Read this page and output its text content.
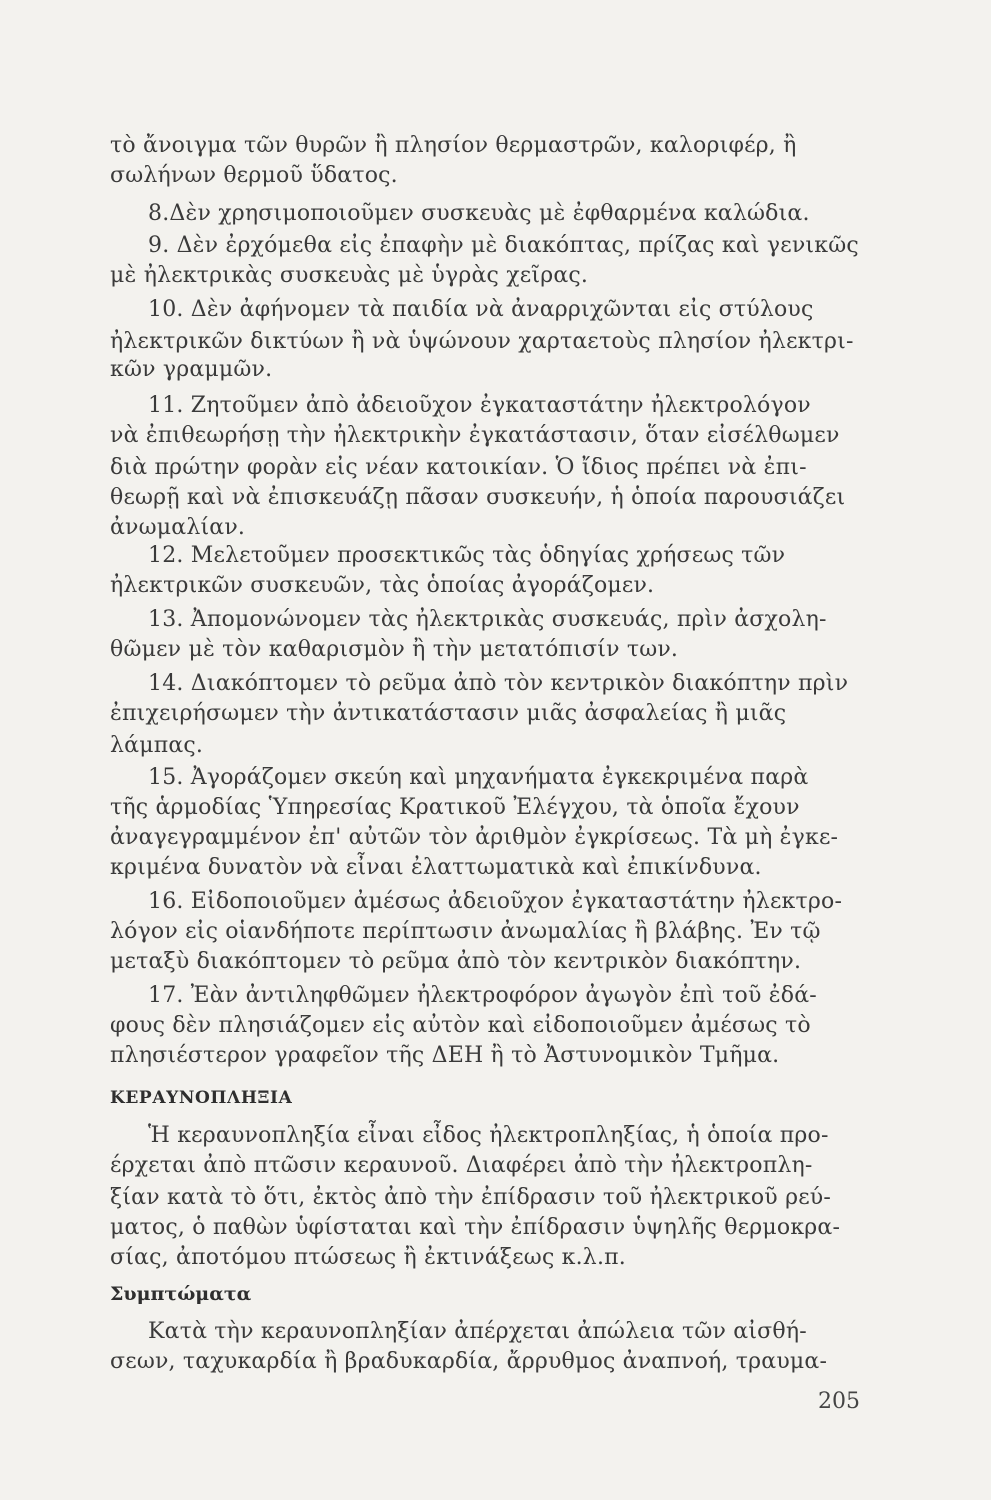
τὸ ἄνοιγμα τῶν θυρῶν ἢ πλησίον θερμαστρῶν, καλοριφέρ, ἢ
σωλήνων θερμοῦ ὕδατος.
8.Δὲν χρησιμοποιοῦμεν συσκευὰς μὲ ἐφθαρμένα καλώδια.
9. Δὲν ἐρχόμεθα εἰς ἐπαφὴν μὲ διακόπτας, πρίζας καὶ γενικῶς
μὲ ἠλεκτρικὰς συσκευὰς μὲ ὑγρὰς χεῖρας.
10. Δὲν ἀφήνομεν τὰ παιδία νὰ ἀναρριχῶνται εἰς στύλους
ἠλεκτρικῶν δικτύων ἢ νὰ ὑψώνουν χαρταετοὺς πλησίον ἠλεκτρι-
κῶν γραμμῶν.
11. Ζητοῦμεν ἀπὸ ἀδειοῦχον ἐγκαταστάτην ἠλεκτρολόγον
νὰ ἐπιθεωρήσῃ τὴν ἠλεκτρικὴν ἐγκατάστασιν, ὅταν εἰσέλθωμεν
διὰ πρώτην φορὰν εἰς νέαν κατοικίαν. Ὁ ἴδιος πρέπει νὰ ἐπι-
θεωρῇ καὶ νὰ ἐπισκευάζῃ πᾶσαν συσκευήν, ἡ ὁποία παρουσιάζει
ἀνωμαλίαν.
12. Μελετοῦμεν προσεκτικῶς τὰς ὁδηγίας χρήσεως τῶν
ἠλεκτρικῶν συσκευῶν, τὰς ὁποίας ἀγοράζομεν.
13. Ἀπομονώνομεν τὰς ἠλεκτρικὰς συσκευάς, πρὶν ἀσχολη-
θῶμεν μὲ τὸν καθαρισμὸν ἢ τὴν μετατόπισίν των.
14. Διακόπτομεν τὸ ρεῦμα ἀπὸ τὸν κεντρικὸν διακόπτην πρὶν
ἐπιχειρήσωμεν τὴν ἀντικατάστασιν μιᾶς ἀσφαλείας ἢ μιᾶς
λάμπας.
15. Ἀγοράζομεν σκεύη καὶ μηχανήματα ἐγκεκριμένα παρὰ
τῆς ἁρμοδίας Ὑπηρεσίας Κρατικοῦ Ἐλέγχου, τὰ ὁποῖα ἔχουν
ἀναγεγραμμένον ἐπ' αὐτῶν τὸν ἀριθμὸν ἐγκρίσεως. Τὰ μὴ ἐγκε-
κριμένα δυνατὸν νὰ εἶναι ἐλαττωματικὰ καὶ ἐπικίνδυνα.
16. Εἰδοποιοῦμεν ἀμέσως ἀδειοῦχον ἐγκαταστάτην ἠλεκτρο-
λόγον εἰς οἱανδήποτε περίπτωσιν ἀνωμαλίας ἢ βλάβης. Ἐν τῷ
μεταξὺ διακόπτομεν τὸ ρεῦμα ἀπὸ τὸν κεντρικὸν διακόπτην.
17. Ἐὰν ἀντιληφθῶμεν ἠλεκτροφόρον ἀγωγὸν ἐπὶ τοῦ ἐδά-
φους δὲν πλησιάζομεν εἰς αὐτὸν καὶ εἰδοποιοῦμεν ἀμέσως τὸ
πλησιέστερον γραφεῖον τῆς ΔΕΗ ἢ τὸ Ἀστυνομικὸν Τμῆμα.
ΚΕΡΑΥΝΟΠΛΗΞΙΑ
Ἡ κεραυνοπληξία εἶναι εἶδος ἠλεκτροπληξίας, ἡ ὁποία προ-
έρχεται ἀπὸ πτῶσιν κεραυνοῦ. Διαφέρει ἀπὸ τὴν ἠλεκτροπλη-
ξίαν κατὰ τὸ ὅτι, ἐκτὸς ἀπὸ τὴν ἐπίδρασιν τοῦ ἠλεκτρικοῦ ρεύ-
ματος, ὁ παθὼν ὑφίσταται καὶ τὴν ἐπίδρασιν ὑψηλῆς θερμοκρα-
σίας, ἀποτόμου πτώσεως ἢ ἐκτινάξεως κ.λ.π.
Συμπτώματα
Κατὰ τὴν κεραυνοπληξίαν ἀπέρχεται ἀπώλεια τῶν αἰσθή-
σεων, ταχυκαρδία ἢ βραδυκαρδία, ἄρρυθμος ἀναπνοή, τραυμα-
205
